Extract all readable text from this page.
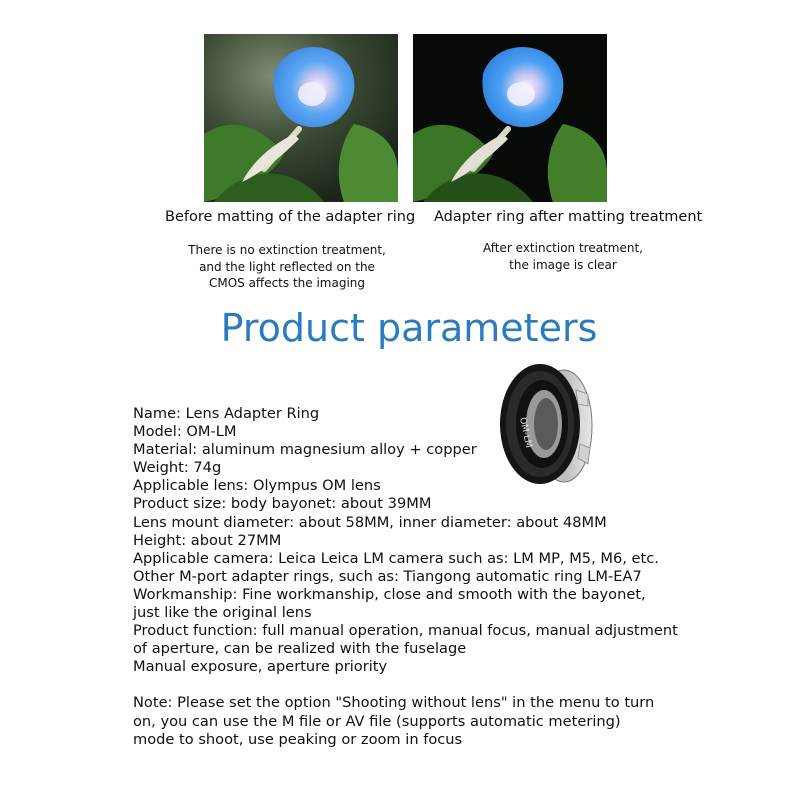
Before matting of the adapter ring Adapter ring after matting treatment
There is no extinction treatment,
and the light reflected on the
CMOS affects the imaging
After extinction treatment,
the image is clear
Product parameters
OM-LM
Name: Lens Adapter Ring
Model: OM-LM
Material: aluminum magnesium alloy + copper
Weight: 74g
Applicable lens: Olympus OM lens
Product size: body bayonet: about 39MM
Lens mount diameter: about 58MM, inner diameter: about 48MM
Height: about 27MM
Applicable camera: Leica Leica LM camera such as: LM MP, M5, M6, etc.
Other M-port adapter rings, such as: Tiangong automatic ring LM-EA7
Workmanship: Fine workmanship, close and smooth with the bayonet,
just like the original lens
Product function: full manual operation, manual focus, manual adjustment
of aperture, can be realized with the fuselage
Manual exposure, aperture priority
Note: Please set the option "Shooting without lens" in the menu to turn
on, you can use the M file or AV file (supports automatic metering)
mode to shoot, use peaking or zoom in focus
